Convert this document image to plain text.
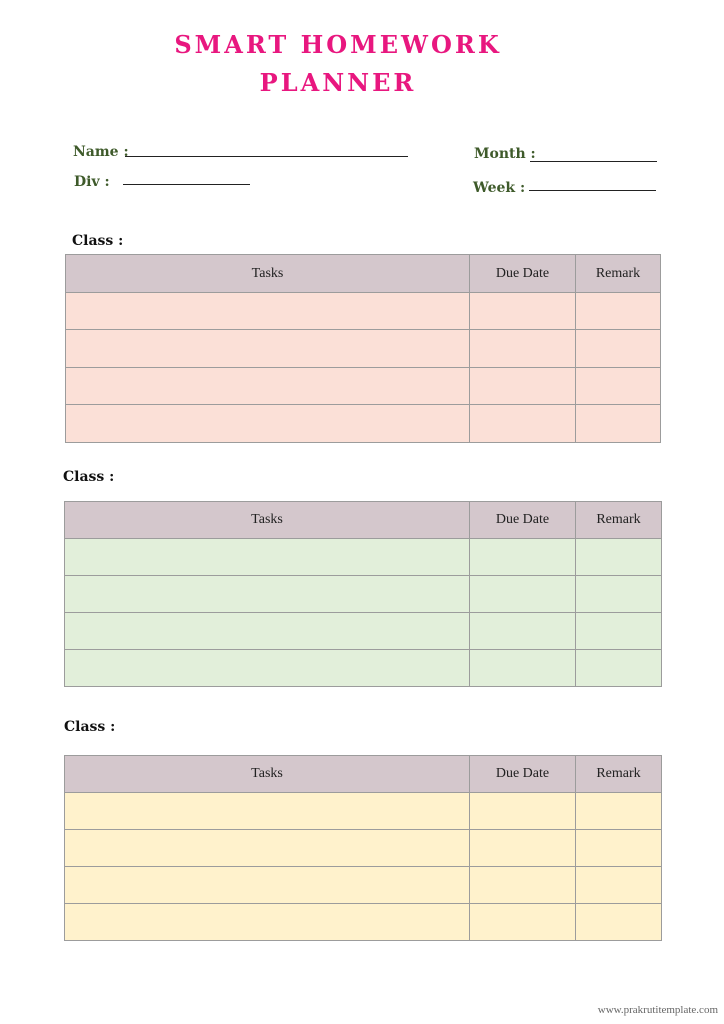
SMART HOMEWORK
PLANNER
Name :
Div :
Month :
Week :
Class :
Tasks	Due Date	Remark

Class :
Tasks	Due Date	Remark

Class :
Tasks	Due Date	Remark

www.prakrutitemplate.com
